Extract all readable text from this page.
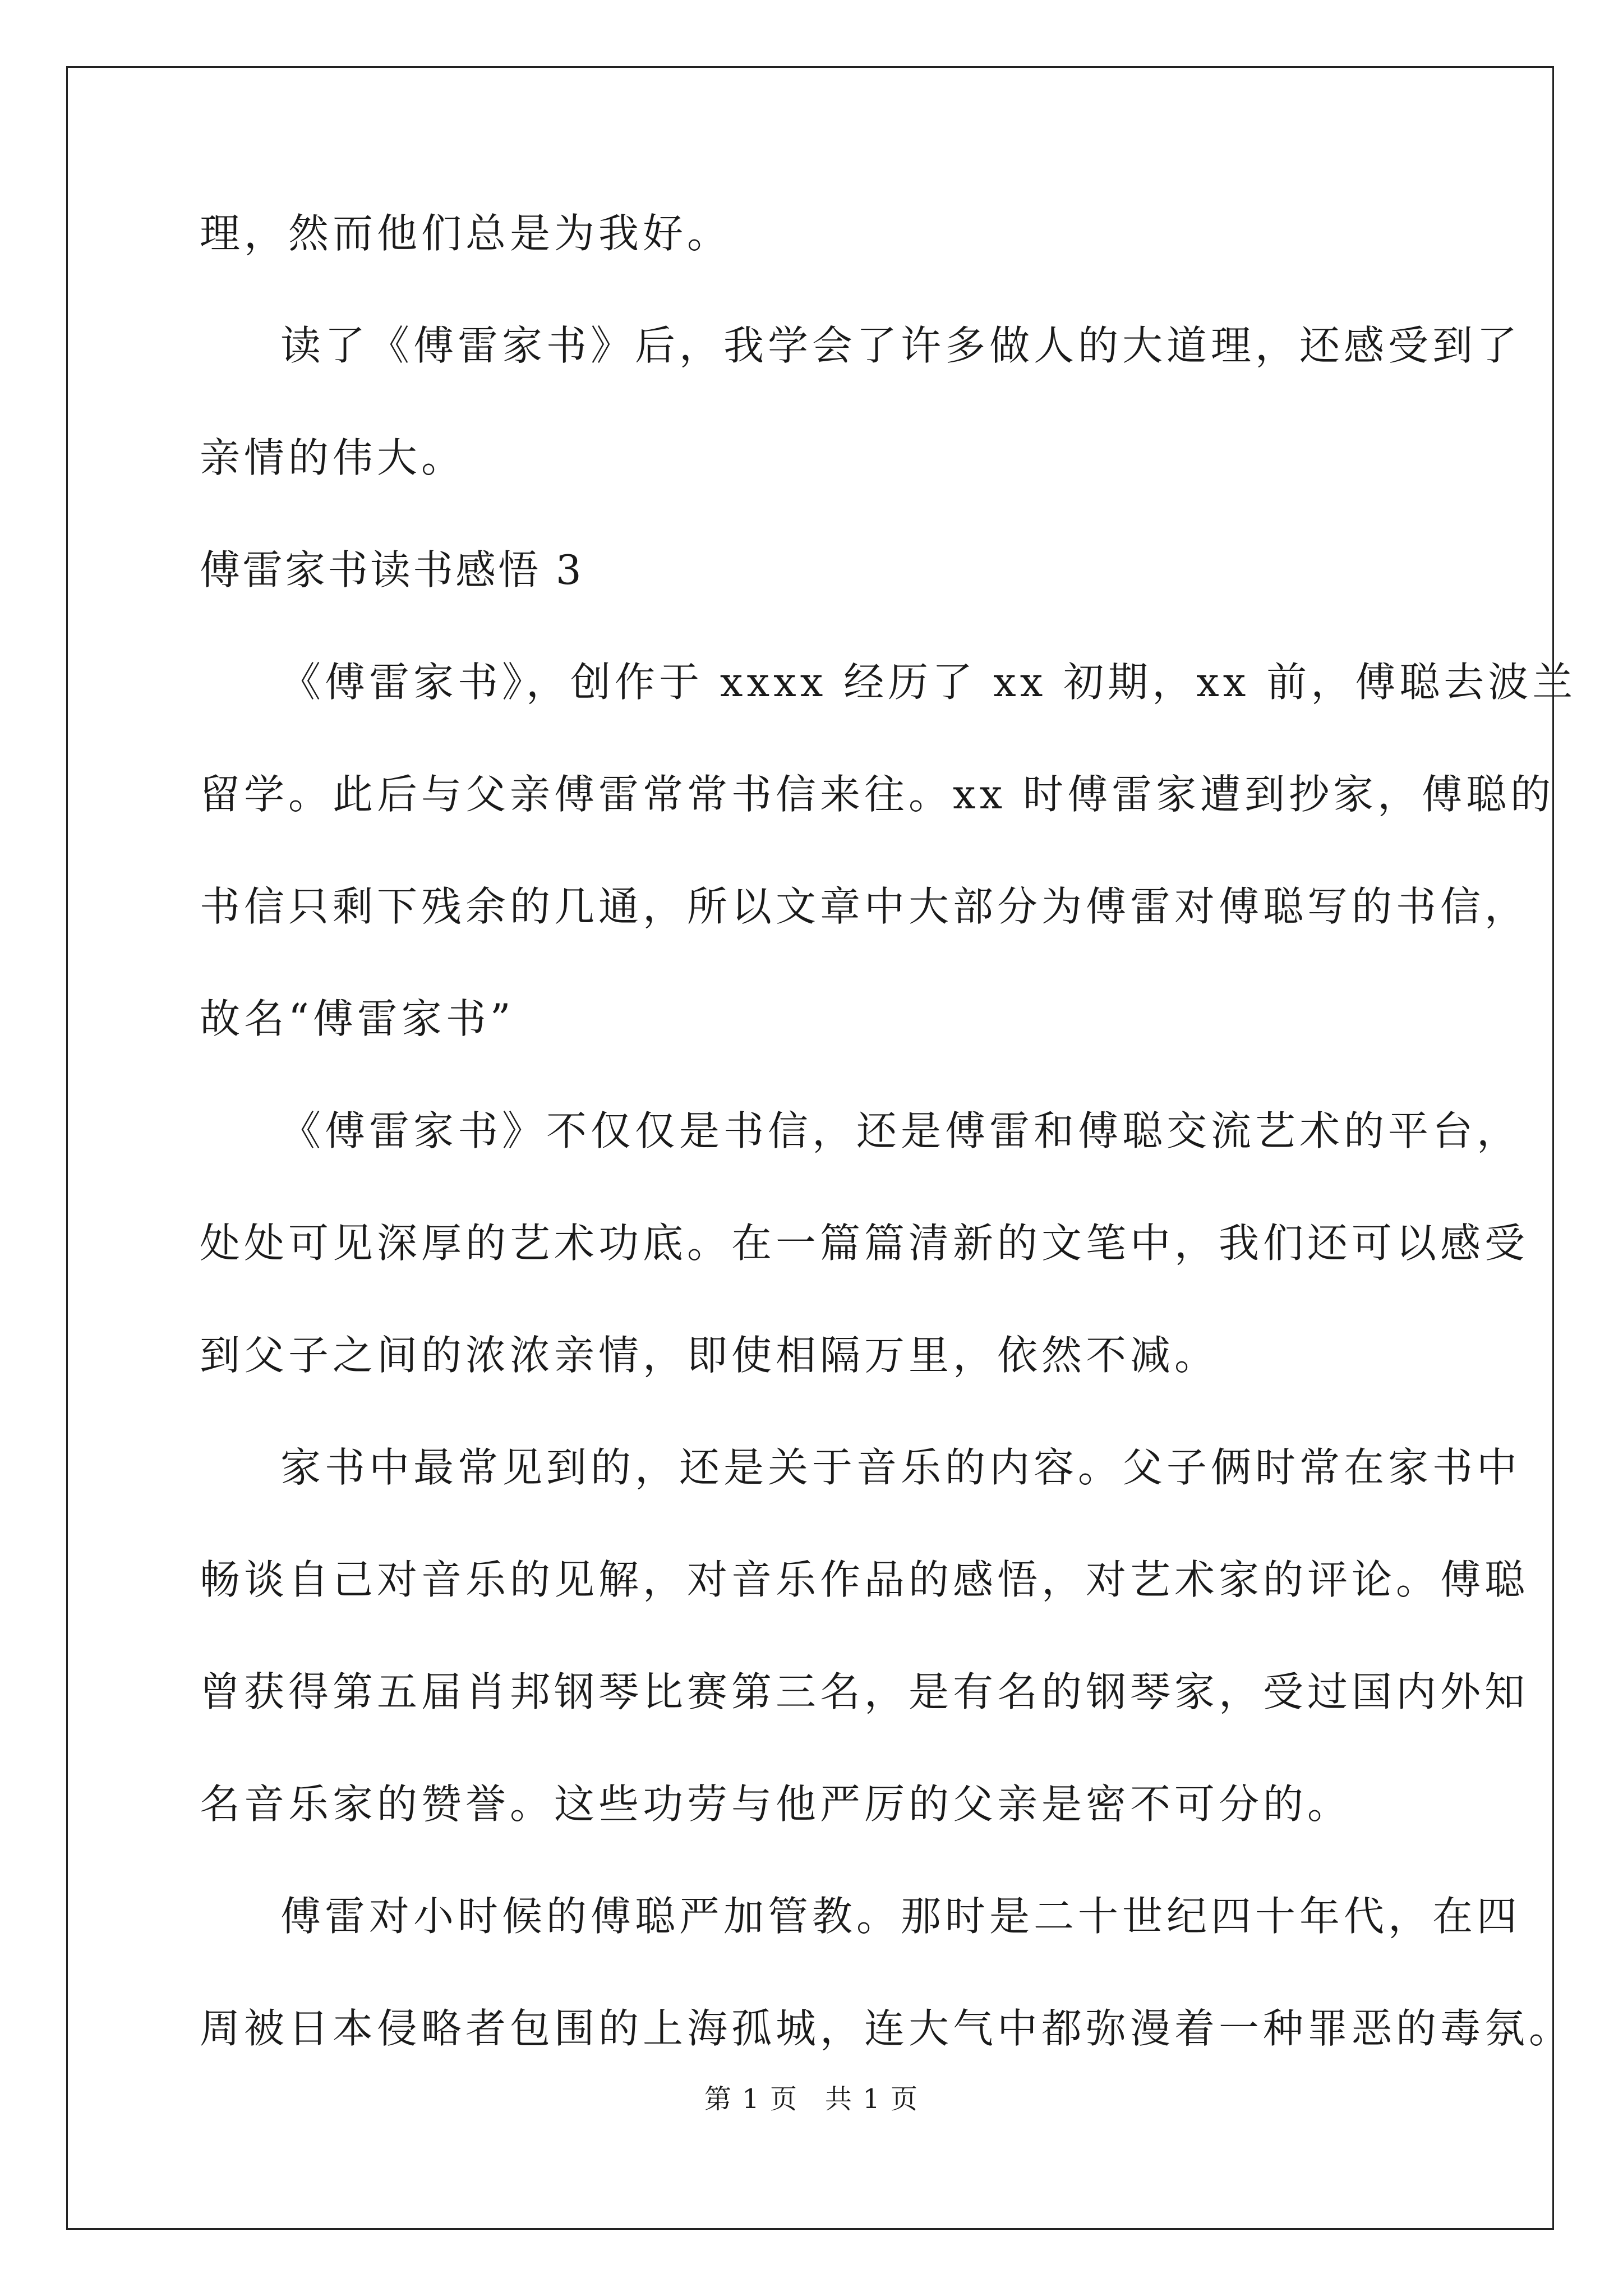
理，然而他们总是为我好。
读了《傅雷家书》后，我学会了许多做人的大道理，还感受到了
亲情的伟大。
傅雷家书读书感悟 3
《傅雷家书》，创作于 xxxx 经历了 xx 初期，xx 前，傅聪去波兰
留学。此后与父亲傅雷常常书信来往。xx 时傅雷家遭到抄家，傅聪的
书信只剩下残余的几通，所以文章中大部分为傅雷对傅聪写的书信，
故名“傅雷家书”
《傅雷家书》不仅仅是书信，还是傅雷和傅聪交流艺术的平台，
处处可见深厚的艺术功底。在一篇篇清新的文笔中，我们还可以感受
到父子之间的浓浓亲情，即使相隔万里，依然不减。
家书中最常见到的，还是关于音乐的内容。父子俩时常在家书中
畅谈自己对音乐的见解，对音乐作品的感悟，对艺术家的评论。傅聪
曾获得第五届肖邦钢琴比赛第三名，是有名的钢琴家，受过国内外知
名音乐家的赞誉。这些功劳与他严厉的父亲是密不可分的。
傅雷对小时候的傅聪严加管教。那时是二十世纪四十年代，在四
周被日本侵略者包围的上海孤城，连大气中都弥漫着一种罪恶的毒氛。
第 1 页 共 1 页
